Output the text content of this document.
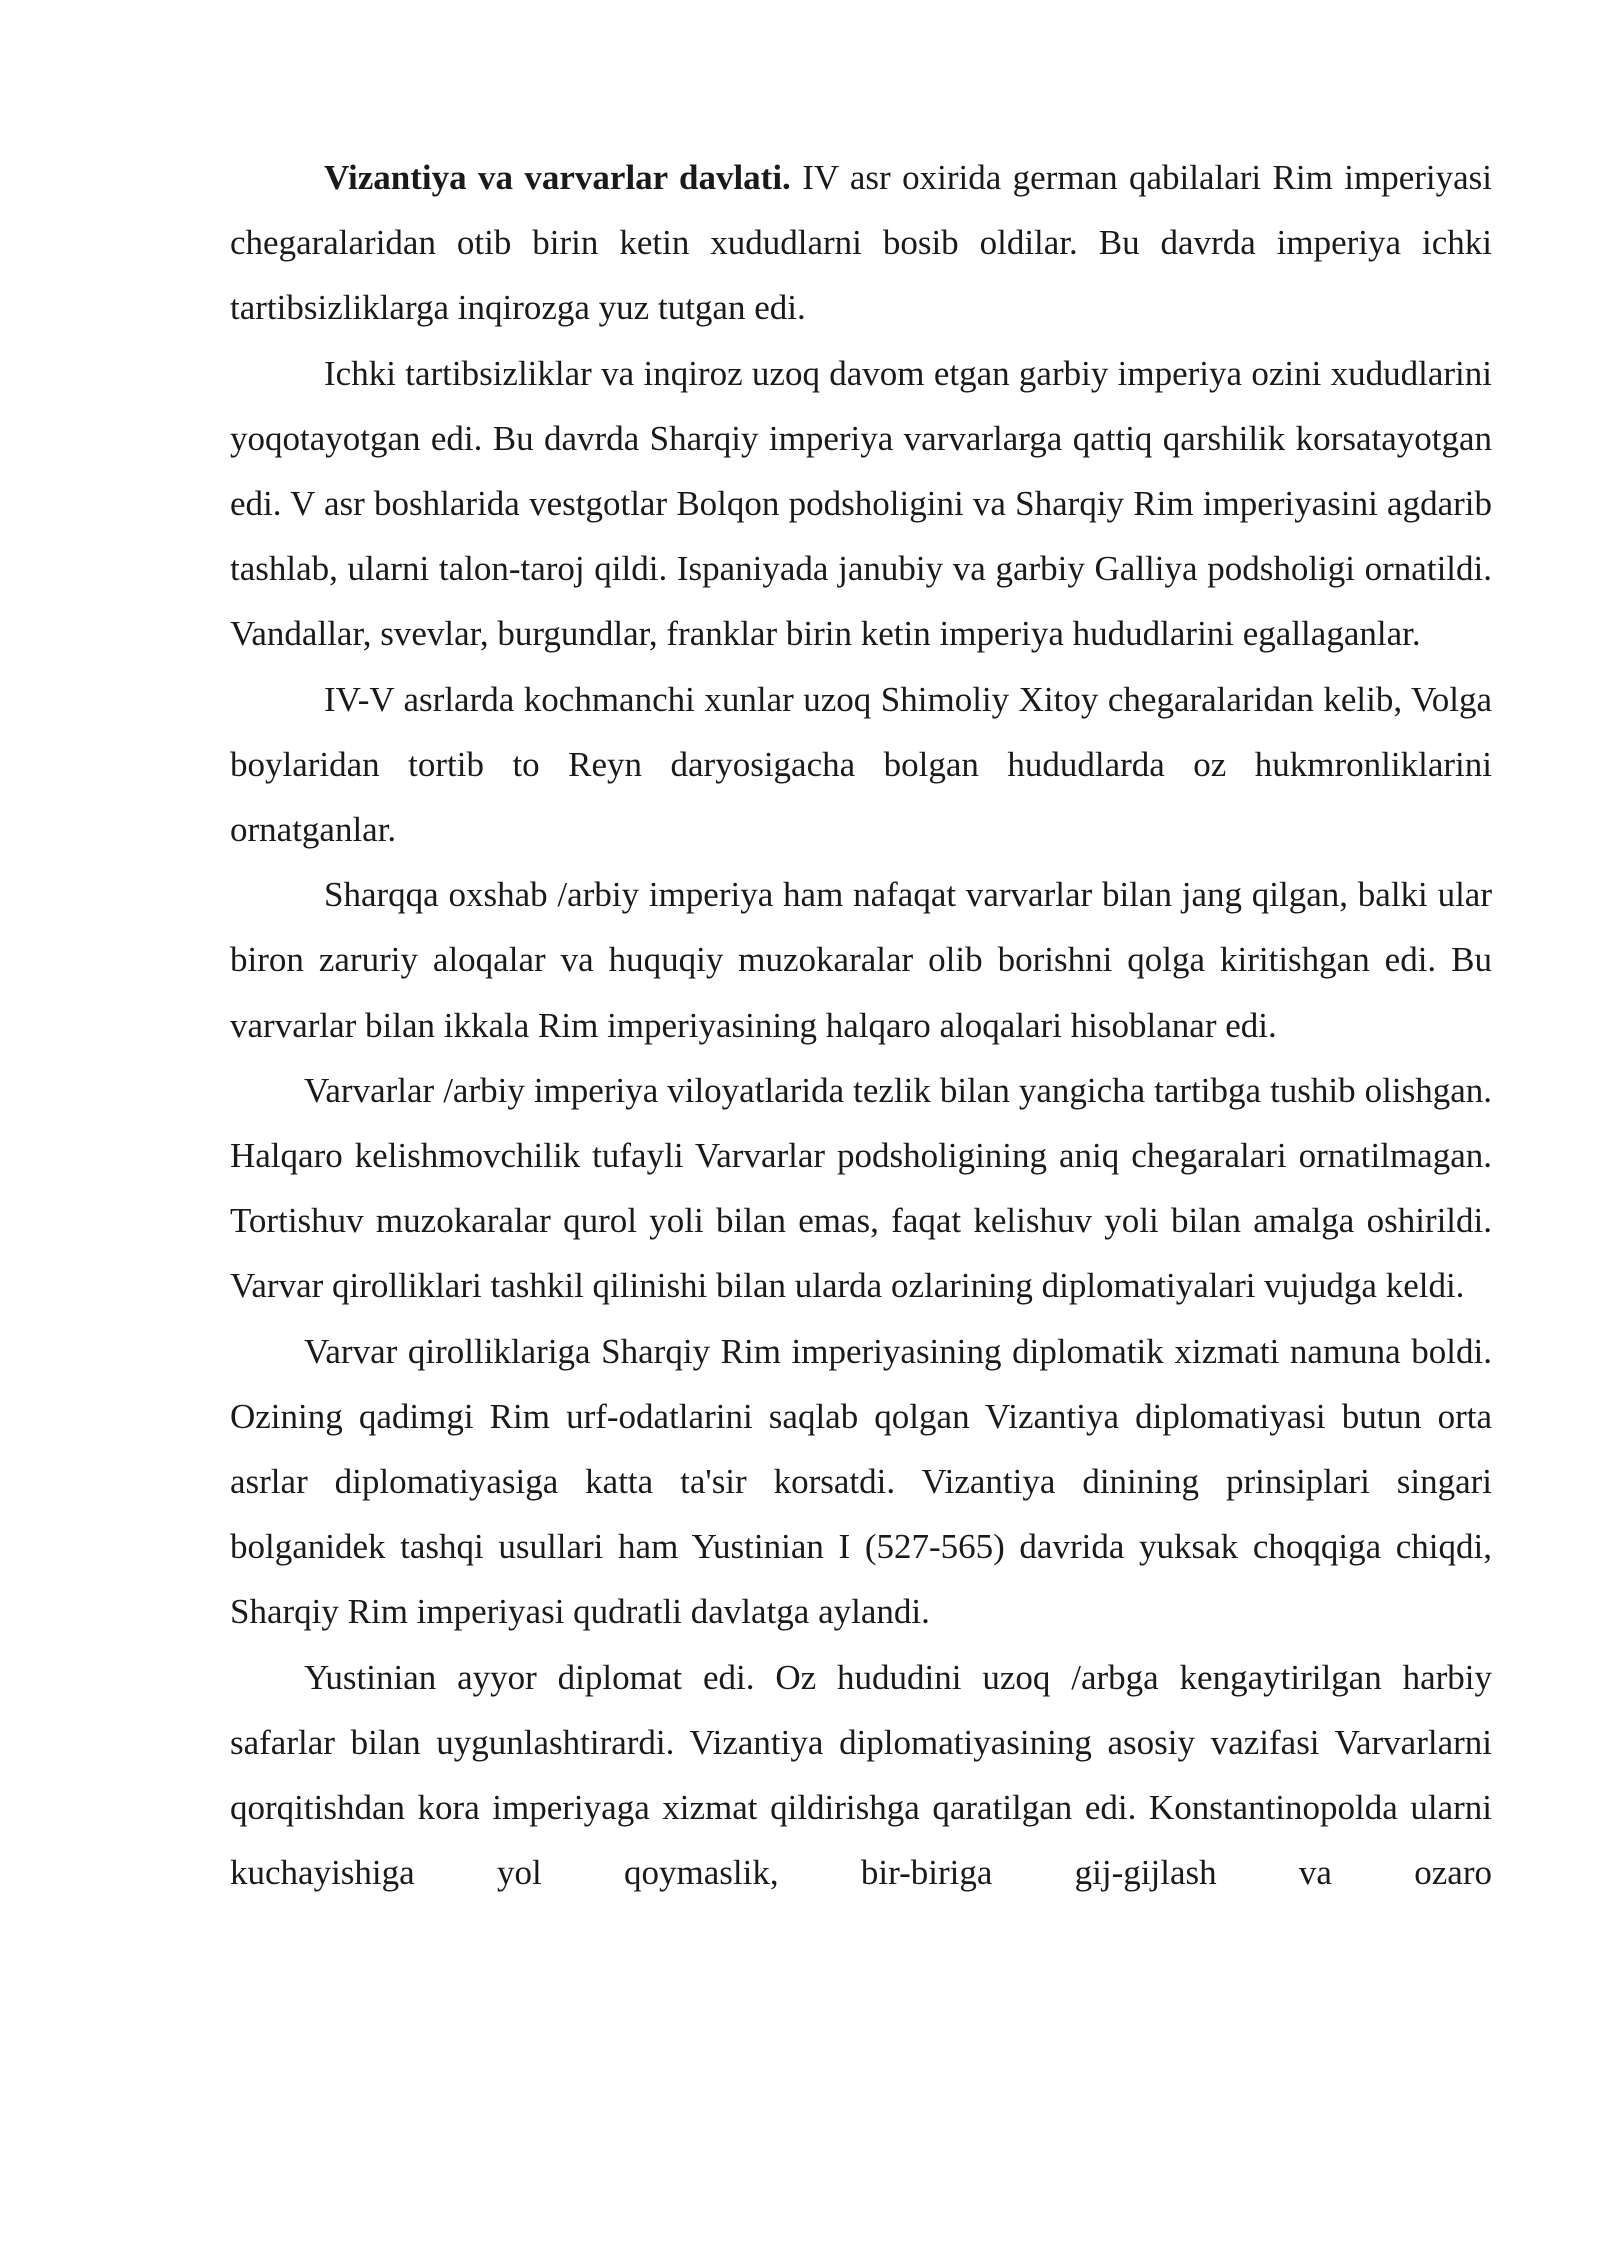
Vizantiya va varvarlar davlati. IV asr oxirida german qabilalari Rim imperiyasi chegaralaridan otib birin ketin xududlarni bosib oldilar. Bu davrda imperiya ichki tartibsizliklarga inqirozga yuz tutgan edi.

Ichki tartibsizliklar va inqiroz uzoq davom etgan garbiy imperiya ozini xududlarini yoqotayotgan edi. Bu davrda Sharqiy imperiya varvarlarga qattiq qarshilik korsatayotgan edi. V asr boshlarida vestgotlar Bolqon podsholigini va Sharqiy Rim imperiyasini agdarib tashlab, ularni talon-taroj qildi. Ispaniyada janubiy va garbiy Galliya podsholigi ornatildi. Vandallar, svevlar, burgundlar, franklar birin ketin imperiya hududlarini egallaganlar.

IV-V asrlarda kochmanchi xunlar uzoq Shimoliy Xitoy chegaralaridan kelib, Volga boylaridan tortib to Reyn daryosigacha bolgan hududlarda oz hukmronliklarini ornatganlar.

Sharqqa oxshab /arbiy imperiya ham nafaqat varvarlar bilan jang qilgan, balki ular biron zaruriy aloqalar va huquqiy muzokaralar olib borishni qolga kiritishgan edi. Bu varvarlar bilan ikkala Rim imperiyasining halqaro aloqalari hisoblanar edi.

Varvarlar /arbiy imperiya viloyatlarida tezlik bilan yangicha tartibga tushib olishgan. Halqaro kelishmovchilik tufayli Varvarlar podsholigining aniq chegaralari ornatilmagan. Tortishuv muzokaralar qurol yoli bilan emas, faqat kelishuv yoli bilan amalga oshirildi. Varvar qirolliklari tashkil qilinishi bilan ularda ozlarining diplomatiyalari vujudga keldi.

Varvar qirolliklariga Sharqiy Rim imperiyasining diplomatik xizmati namuna boldi. Ozining qadimgi Rim urf-odatlarini saqlab qolgan Vizantiya diplomatiyasi butun orta asrlar diplomatiyasiga katta ta'sir korsatdi. Vizantiya dinining prinsiplari singari bolganidek tashqi usullari ham Yustinian I (527-565) davrida yuksak choqqiga chiqdi, Sharqiy Rim imperiyasi qudratli davlatga aylandi.

Yustinian ayyor diplomat edi. Oz hududini uzoq /arbga kengaytirilgan harbiy safarlar bilan uygunlashtirardi. Vizantiya diplomatiyasining asosiy vazifasi Varvarlarni qorqitishdan kora imperiyaga xizmat qildirishga qaratilgan edi. Konstantinopolda ularni kuchayishiga yol qoymaslik, bir-biriga gij-gijlash va ozaro
